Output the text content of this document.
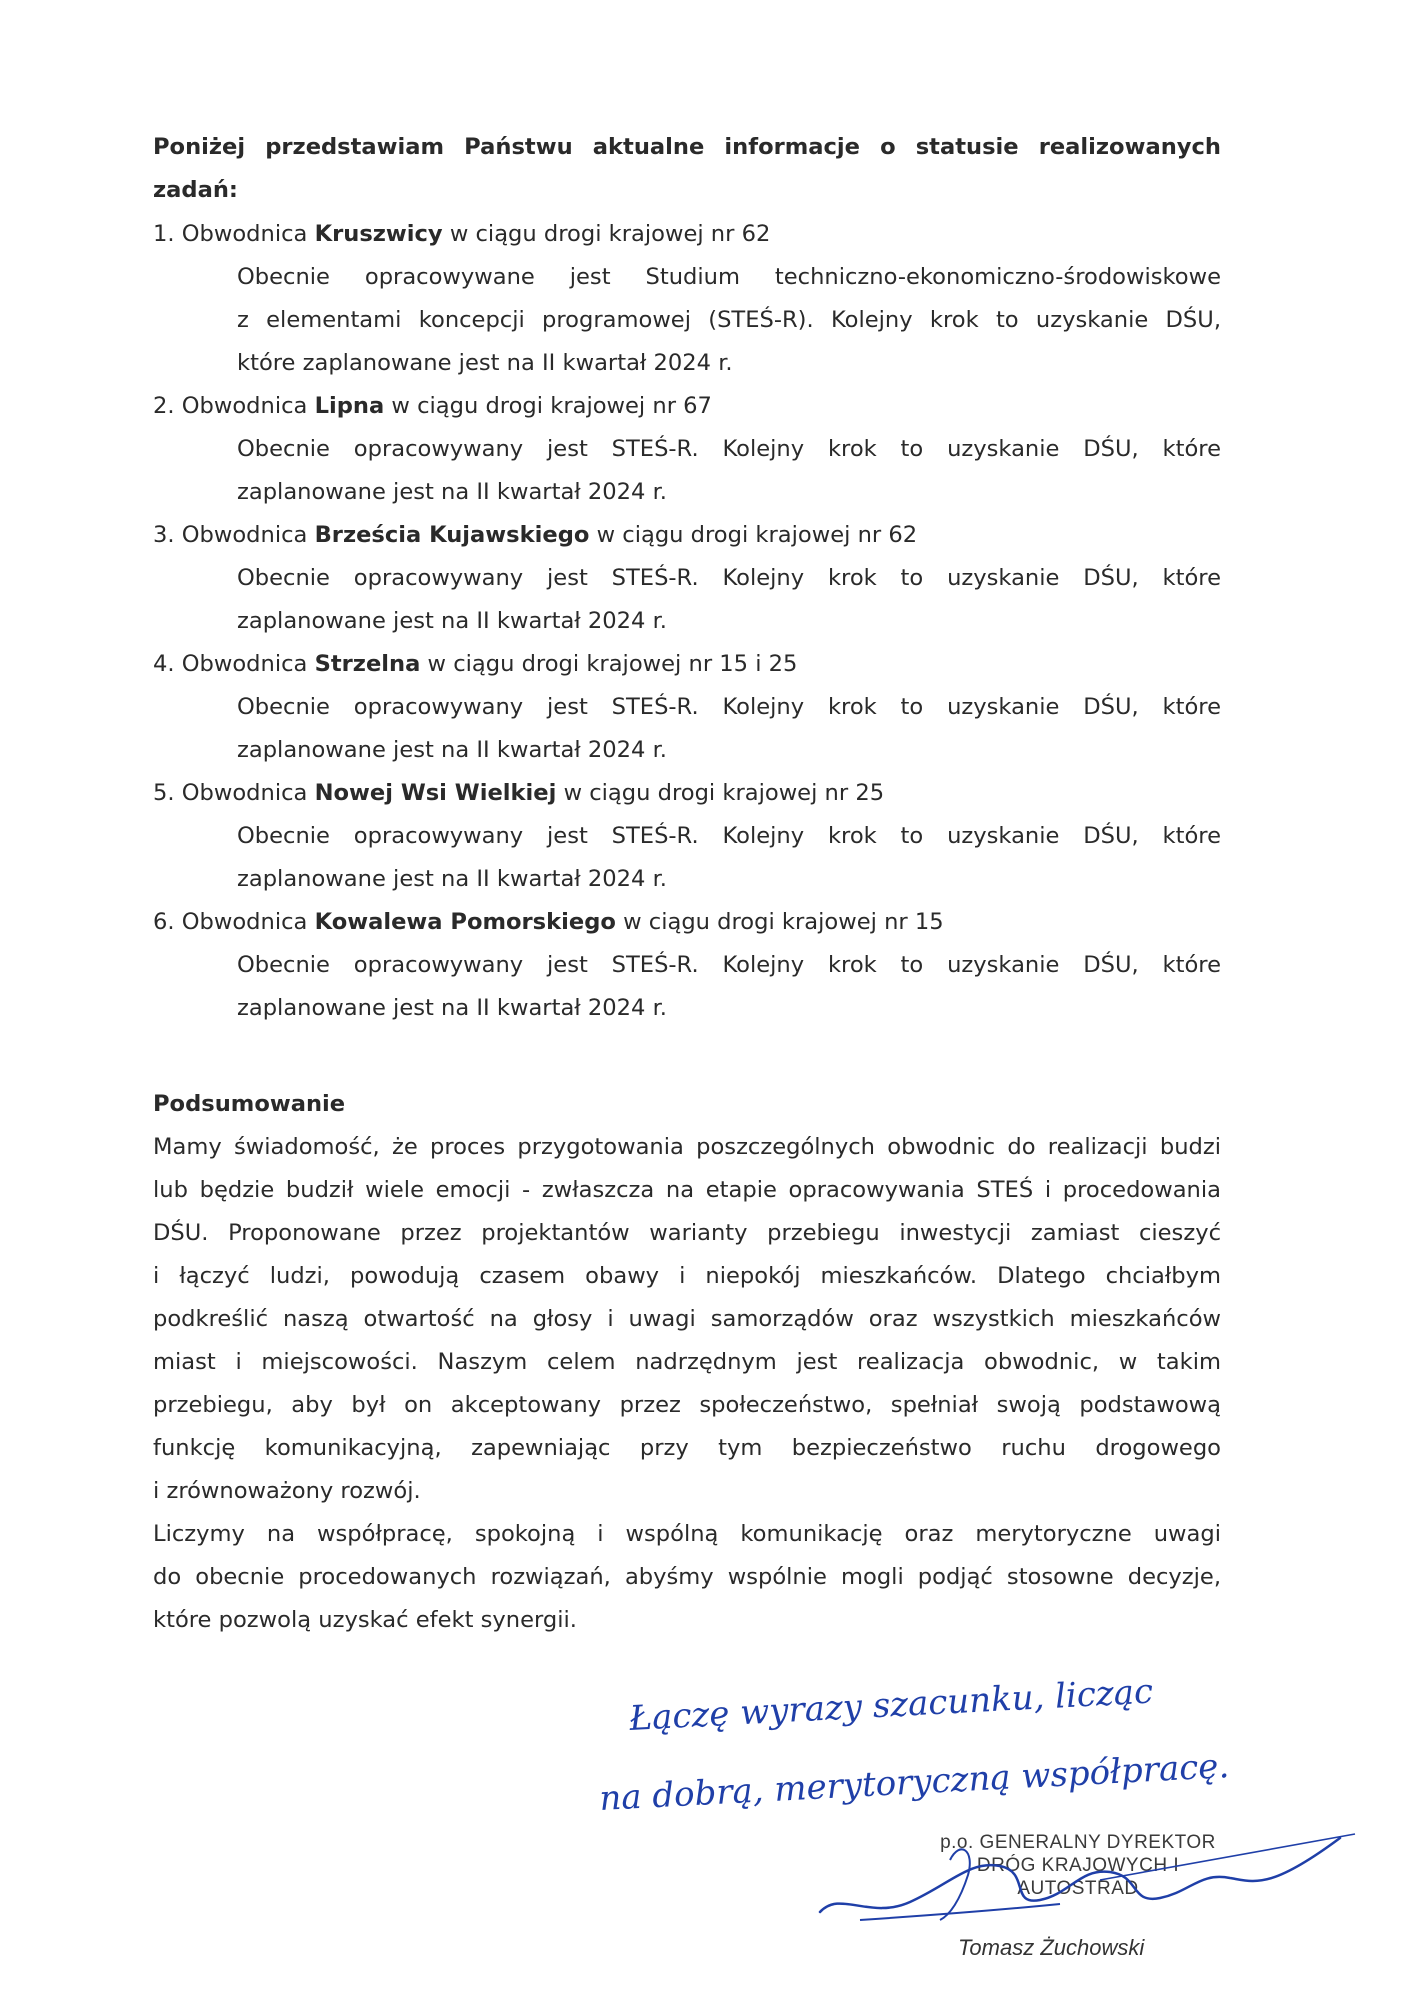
Poniżej przedstawiam Państwu aktualne informacje o statusie realizowanych
zadań:
1. Obwodnica Kruszwicy w ciągu drogi krajowej nr 62
Obecnie opracowywane jest Studium techniczno-ekonomiczno-środowiskowe
z elementami koncepcji programowej (STEŚ-R). Kolejny krok to uzyskanie DŚU,
które zaplanowane jest na II kwartał 2024 r.
2. Obwodnica Lipna w ciągu drogi krajowej nr 67
Obecnie opracowywany jest STEŚ-R. Kolejny krok to uzyskanie DŚU, które
zaplanowane jest na II kwartał 2024 r.
3. Obwodnica Brześcia Kujawskiego w ciągu drogi krajowej nr 62
Obecnie opracowywany jest STEŚ-R. Kolejny krok to uzyskanie DŚU, które
zaplanowane jest na II kwartał 2024 r.
4. Obwodnica Strzelna w ciągu drogi krajowej nr 15 i 25
Obecnie opracowywany jest STEŚ-R. Kolejny krok to uzyskanie DŚU, które
zaplanowane jest na II kwartał 2024 r.
5. Obwodnica Nowej Wsi Wielkiej w ciągu drogi krajowej nr 25
Obecnie opracowywany jest STEŚ-R. Kolejny krok to uzyskanie DŚU, które
zaplanowane jest na II kwartał 2024 r.
6. Obwodnica Kowalewa Pomorskiego w ciągu drogi krajowej nr 15
Obecnie opracowywany jest STEŚ-R. Kolejny krok to uzyskanie DŚU, które
zaplanowane jest na II kwartał 2024 r.
Podsumowanie

Mamy świadomość, że proces przygotowania poszczególnych obwodnic do realizacji budzi
lub będzie budził wiele emocji - zwłaszcza na etapie opracowywania STEŚ i procedowania
DŚU. Proponowane przez projektantów warianty przebiegu inwestycji zamiast cieszyć
i łączyć ludzi, powodują czasem obawy i niepokój mieszkańców. Dlatego chciałbym
podkreślić naszą otwartość na głosy i uwagi samorządów oraz wszystkich mieszkańców
miast i miejscowości. Naszym celem nadrzędnym jest realizacja obwodnic, w takim
przebiegu, aby był on akceptowany przez społeczeństwo, spełniał swoją podstawową
funkcję komunikacyjną, zapewniając przy tym bezpieczeństwo ruchu drogowego
i zrównoważony rozwój.

Liczymy na współpracę, spokojną i wspólną komunikację oraz merytoryczne uwagi
do obecnie procedowanych rozwiązań, abyśmy wspólnie mogli podjąć stosowne decyzje,
które pozwolą uzyskać efekt synergii.

Łączę wyrazy szacunku, licząc
na dobrą, merytoryczną współpracę.
p.o. GENERALNY DYREKTOR
DRÓG KRAJOWYCH I AUTOSTRAD
Tomasz Żuchowski
